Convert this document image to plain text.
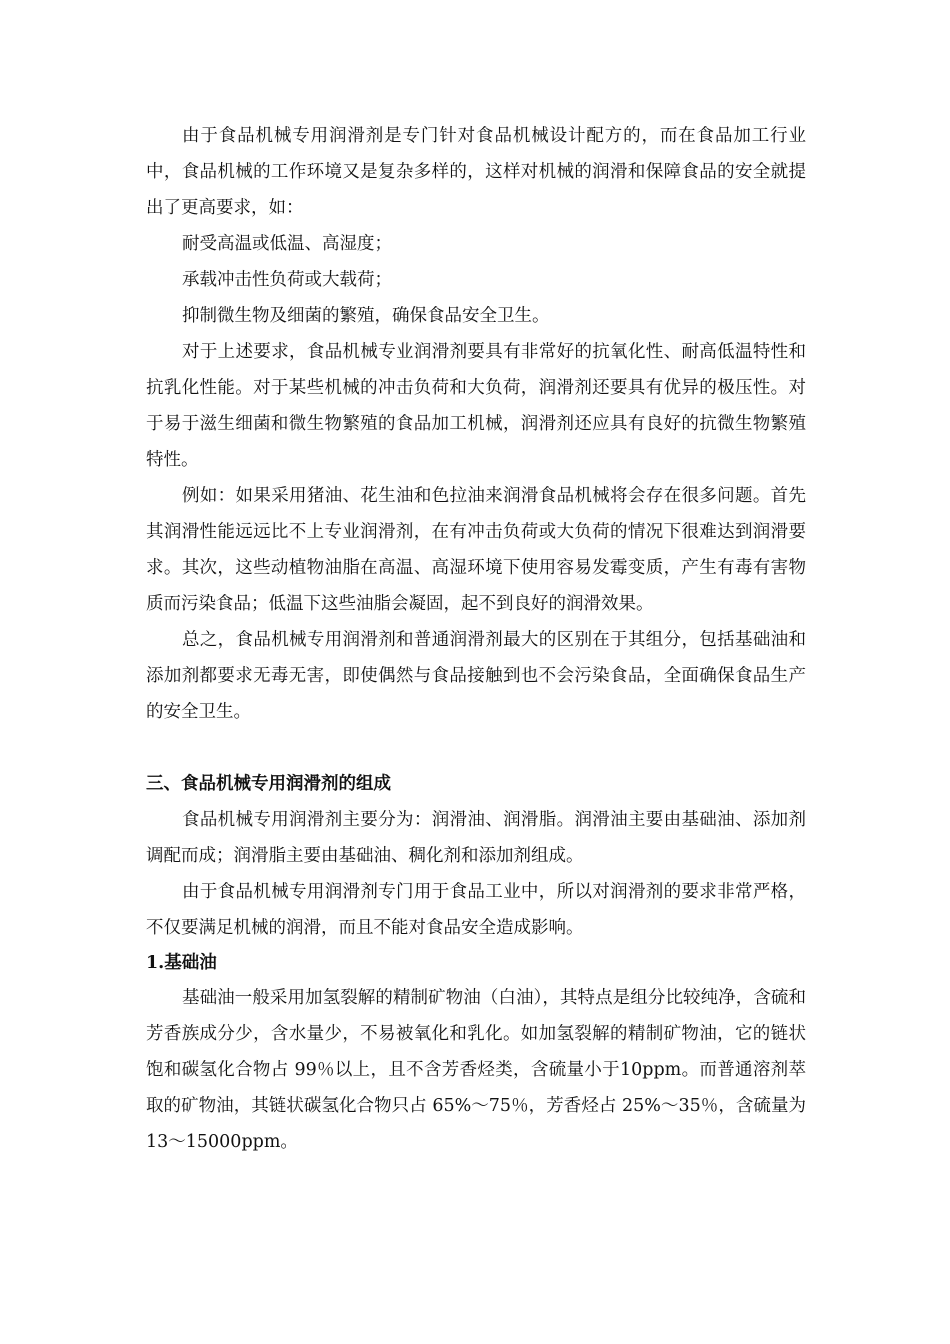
由于食品机械专用润滑剂是专门针对食品机械设计配方的，而在食品加工行业中，食品机械的工作环境又是复杂多样的，这样对机械的润滑和保障食品的安全就提出了更高要求，如：

耐受高温或低温、高湿度；

承载冲击性负荷或大载荷；

抑制微生物及细菌的繁殖，确保食品安全卫生。

对于上述要求，食品机械专业润滑剂要具有非常好的抗氧化性、耐高低温特性和抗乳化性能。对于某些机械的冲击负荷和大负荷，润滑剂还要具有优异的极压性。对于易于滋生细菌和微生物繁殖的食品加工机械，润滑剂还应具有良好的抗微生物繁殖特性。

例如：如果采用猪油、花生油和色拉油来润滑食品机械将会存在很多问题。首先其润滑性能远远比不上专业润滑剂，在有冲击负荷或大负荷的情况下很难达到润滑要求。其次，这些动植物油脂在高温、高湿环境下使用容易发霉变质，产生有毒有害物质而污染食品；低温下这些油脂会凝固，起不到良好的润滑效果。

总之，食品机械专用润滑剂和普通润滑剂最大的区别在于其组分，包括基础油和添加剂都要求无毒无害，即使偶然与食品接触到也不会污染食品，全面确保食品生产的安全卫生。

三、食品机械专用润滑剂的组成

食品机械专用润滑剂主要分为：润滑油、润滑脂。润滑油主要由基础油、添加剂调配而成；润滑脂主要由基础油、稠化剂和添加剂组成。

由于食品机械专用润滑剂专门用于食品工业中，所以对润滑剂的要求非常严格，不仅要满足机械的润滑，而且不能对食品安全造成影响。

1.基础油

基础油一般采用加氢裂解的精制矿物油（白油），其特点是组分比较纯净，含硫和芳香族成分少，含水量少，不易被氧化和乳化。如加氢裂解的精制矿物油，它的链状饱和碳氢化合物占 99％以上，且不含芳香烃类，含硫量小于10ppm。而普通溶剂萃取的矿物油，其链状碳氢化合物只占 65%～75％，芳香烃占 25%～35％，含硫量为 13～15000ppm。
